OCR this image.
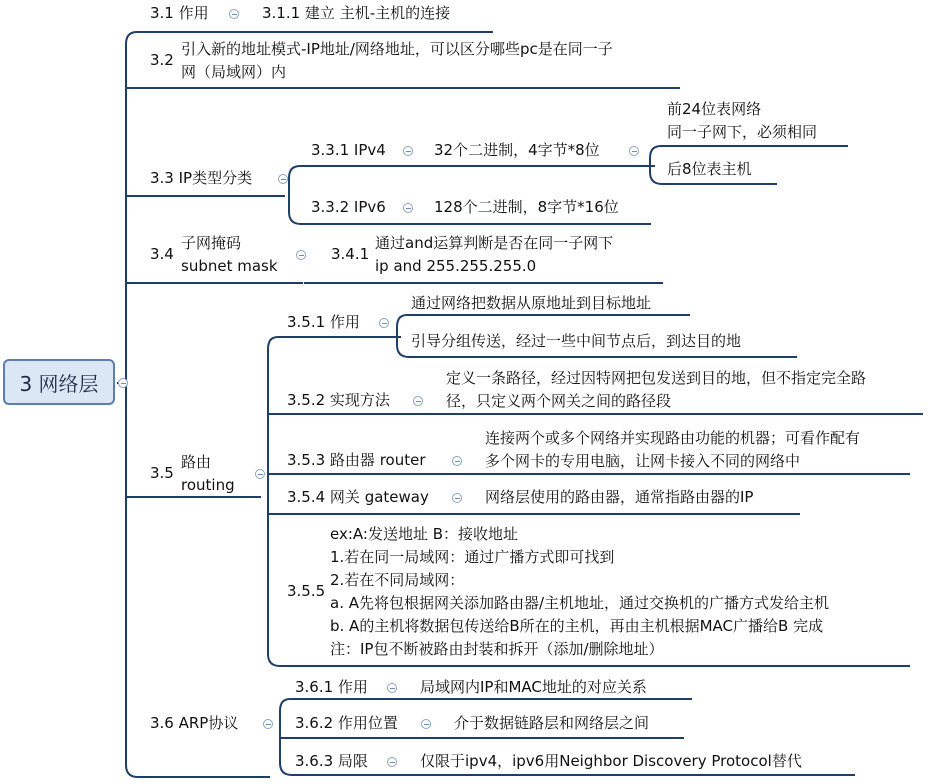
3 网络层
3.1 作用	3.1.1 建立 主机-主机的连接
3.2
引入新的地址模式-IP地址/网络地址，可以区分哪些pc是在同一子
网（局域网）内
3.3 IP类型分类
3.3.1 IPv4	32个二进制，4字节*8位
前24位表网络
同一子网下，必须相同
后8位表主机
3.3.2 IPv6	128个二进制，8字节*16位
3.4
子网掩码
subnet mask
3.4.1
通过and运算判断是否在同一子网下
ip and 255.255.255.0
3.5
路由
routing
3.5.1 作用
通过网络把数据从原地址到目标地址
引导分组传送，经过一些中间节点后，到达目的地
3.5.2 实现方法
定义一条路径，经过因特网把包发送到目的地，但不指定完全路
径，只定义两个网关之间的路径段
3.5.3 路由器 router
连接两个或多个网络并实现路由功能的机器；可看作配有
多个网卡的专用电脑，让网卡接入不同的网络中
3.5.4 网关 gateway	网络层使用的路由器，通常指路由器的IP
3.5.5
ex:A:发送地址 B：接收地址
1.若在同一局域网：通过广播方式即可找到
2.若在不同局域网：
a. A先将包根据网关添加路由器/主机地址，通过交换机的广播方式发给主机
b. A的主机将数据包传送给B所在的主机，再由主机根据MAC广播给B 完成
注：IP包不断被路由封装和拆开（添加/删除地址）
3.6 ARP协议
3.6.1 作用	局域网内IP和MAC地址的对应关系
3.6.2 作用位置	介于数据链路层和网络层之间
3.6.3 局限	仅限于ipv4，ipv6用Neighbor Discovery Protocol替代
